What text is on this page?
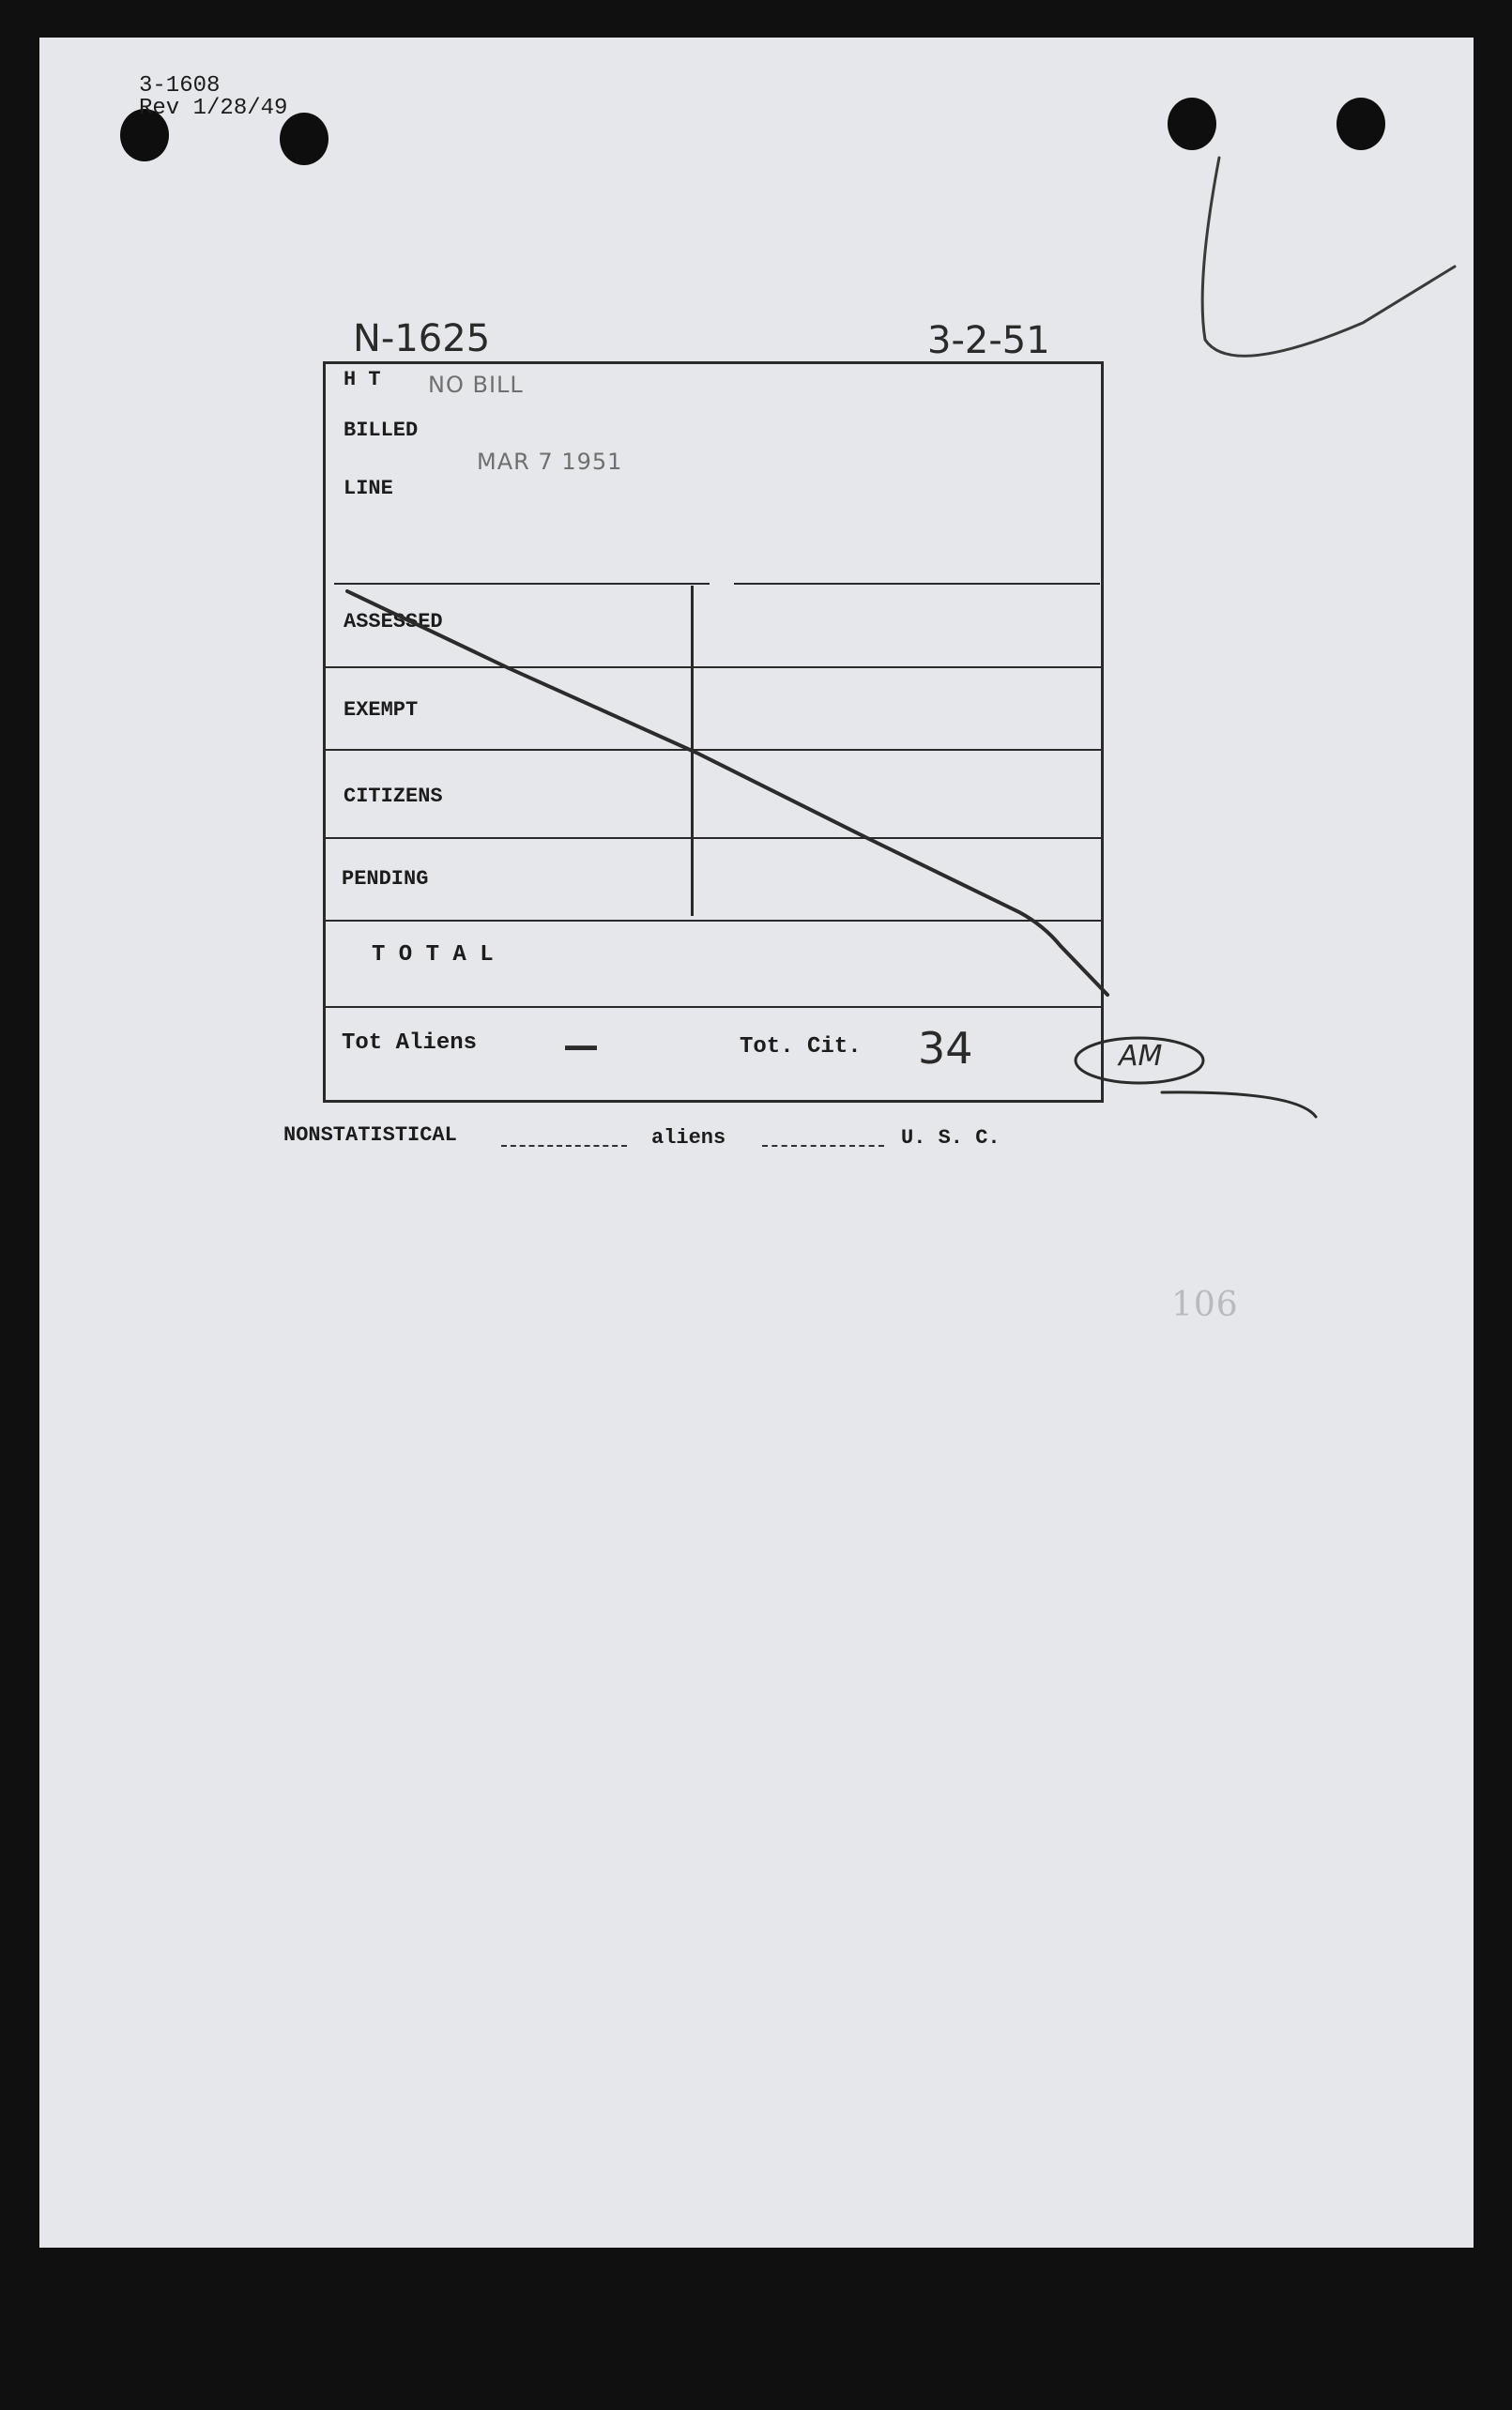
3-1608
Rev 1/28/49
N-1625	3-2-51
H T NO BILL
BILLED
MAR 7 1951
LINE
ASSESSED
EXEMPT
CITIZENS
PENDING
T O T A L
Tot Aliens —	Tot. Cit. 34	AM
NONSTATISTICAL	aliens	U. S. C.
106
